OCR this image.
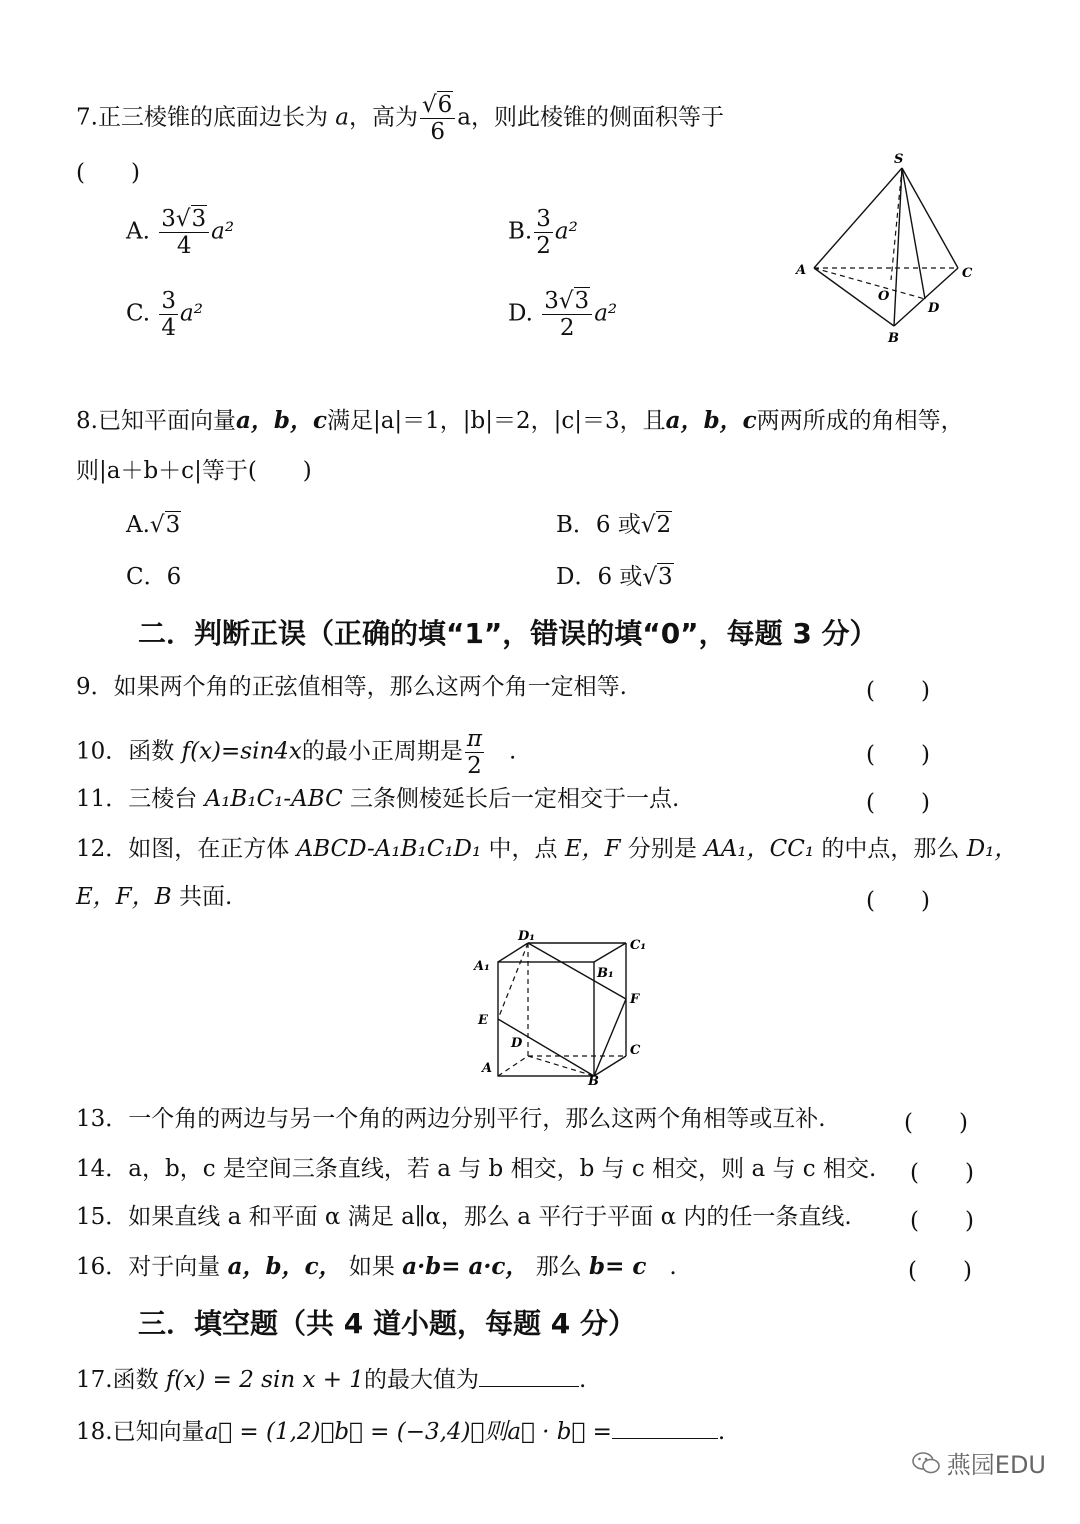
7.正三棱锥的底面边长为 a，高为 $\frac{√6}{6}$ a，则此棱锥的侧面积等于
(　　)
A. $\frac{3√3}{4} a^2$	B. $\frac{3}{2} a^2$
C. $\frac{3}{4} a^2$	D. $\frac{3√3}{2} a^2$
S
A
B
C
O
D
8.已知平面向量a，b，c满足|a|＝1，|b|＝2，|c|＝3，且a，b，c两两所成的角相等，
则|a＋b＋c|等于(　　)
A.√3	B．6 或√2
C．6	D．6 或√3
二．判断正误（正确的填“1”，错误的填“0”，每题 3 分）
9．如果两个角的正弦值相等，那么这两个角一定相等.	(　　)
10．函数 f(x)=sin4x的最小正周期是 $\frac{\pi}{2}$
　 .	(　　)
11．三棱台 A₁B₁C₁-ABC 三条侧棱延长后一定相交于一点.	(　　)
12．如图，在正方体 ABCD-A₁B₁C₁D₁ 中，点 E，F 分别是 AA₁，CC₁ 的中点，那么 D₁，
E，F，B 共面.	(　　)
D₁
C₁
A₁	B₁
F
E
D	C
A
B
13．一个角的两边与另一个角的两边分别平行，那么这两个角相等或互补.	(　　)
14．a，b，c 是空间三条直线，若 a 与 b 相交，b 与 c 相交，则 a 与 c 相交. (　　)
15．如果直线 a 和平面 α 满足 a∥α，那么 a 平行于平面 α 内的任一条直线.	(　　)
16．对于向量 a，b，c， 如果 a·b= a·c， 那么 b= c　 .	(　　)
三．填空题（共 4 道小题，每题 4 分）
17.函数 f(x) = 2 sin x + 1的最大值为	.
18.已知向量a⃗ = (1,2)，b⃗ = (−3,4)，则a⃗ · b⃗ =	.
燕园EDU
